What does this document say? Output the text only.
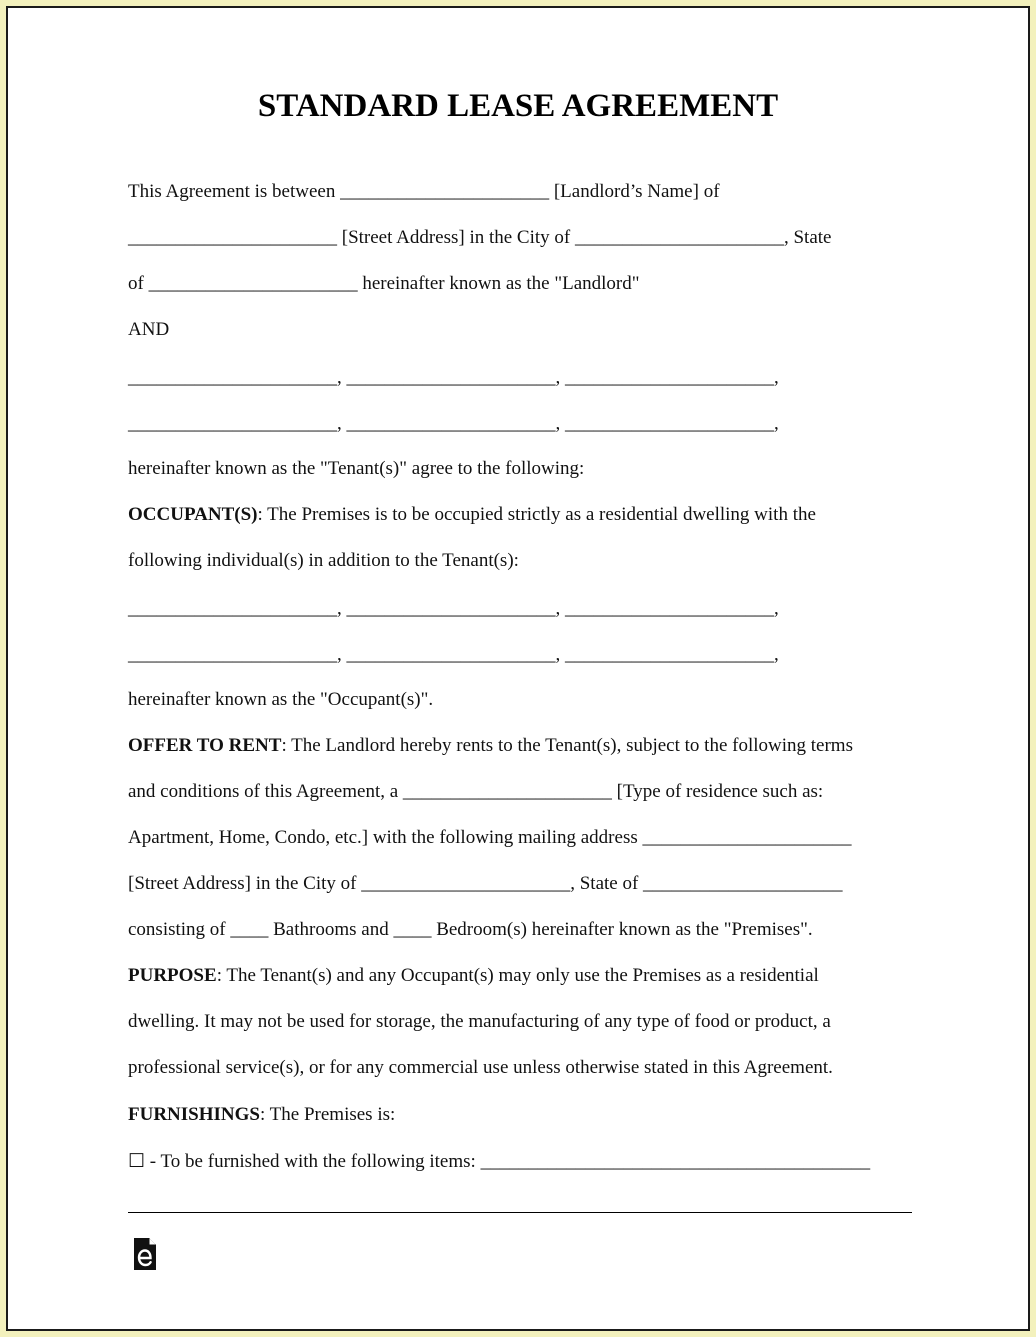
STANDARD LEASE AGREEMENT
This Agreement is between ______________________ [Landlord’s Name] of
______________________ [Street Address] in the City of ______________________, State
of ______________________ hereinafter known as the "Landlord"
AND
______________________, ______________________, ______________________,
______________________, ______________________, ______________________,
hereinafter known as the "Tenant(s)" agree to the following:
OCCUPANT(S): The Premises is to be occupied strictly as a residential dwelling with the
following individual(s) in addition to the Tenant(s):
______________________, ______________________, ______________________,
______________________, ______________________, ______________________,
hereinafter known as the "Occupant(s)".
OFFER TO RENT: The Landlord hereby rents to the Tenant(s), subject to the following terms
and conditions of this Agreement, a ______________________ [Type of residence such as:
Apartment, Home, Condo, etc.] with the following mailing address ______________________
[Street Address] in the City of ______________________, State of _____________________
consisting of ____ Bathrooms and ____ Bedroom(s) hereinafter known as the "Premises".
PURPOSE: The Tenant(s) and any Occupant(s) may only use the Premises as a residential
dwelling. It may not be used for storage, the manufacturing of any type of food or product, a
professional service(s), or for any commercial use unless otherwise stated in this Agreement.
FURNISHINGS: The Premises is:
☐ - To be furnished with the following items: _________________________________________
